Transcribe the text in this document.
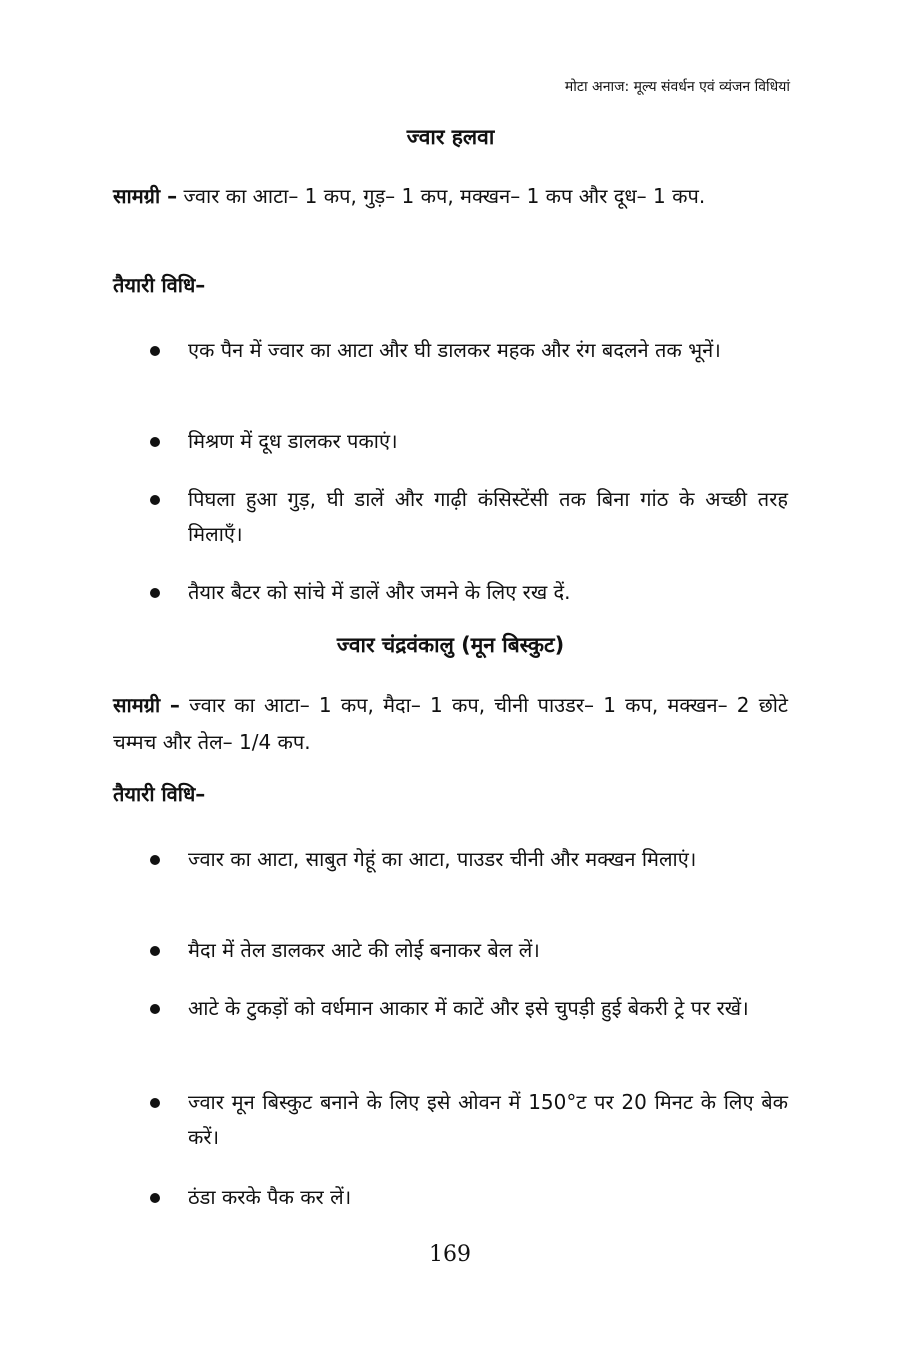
मोटा अनाज: मूल्य संवर्धन एवं व्यंजन विधियां
ज्वार हलवा

सामग्री – ज्वार का आटा– 1 कप, गुड़– 1 कप, मक्खन– 1 कप और दूध– 1 कप.

तैयारी विधि–
एक पैन में ज्वार का आटा और घी डालकर महक और रंग बदलने तक भूनें।
मिश्रण में दूध डालकर पकाएं।
पिघला हुआ गुड़, घी डालें और गाढ़ी कंसिस्टेंसी तक बिना गांठ के अच्छी तरह मिलाएँ।
तैयार बैटर को सांचे में डालें और जमने के लिए रख दें.
ज्वार चंद्रवंकालु (मून बिस्कुट)

सामग्री – ज्वार का आटा– 1 कप, मैदा– 1 कप, चीनी पाउडर– 1 कप, मक्खन– 2 छोटे चम्मच और तेल– 1/4 कप.

तैयारी विधि–
ज्वार का आटा, साबुत गेहूं का आटा, पाउडर चीनी और मक्खन मिलाएं।
मैदा में तेल डालकर आटे की लोई बनाकर बेल लें।
आटे के टुकड़ों को वर्धमान आकार में काटें और इसे चुपड़ी हुई बेकरी ट्रे पर रखें।
ज्वार मून बिस्कुट बनाने के लिए इसे ओवन में 150°ट पर 20 मिनट के लिए बेक करें।
ठंडा करके पैक कर लें।
169
